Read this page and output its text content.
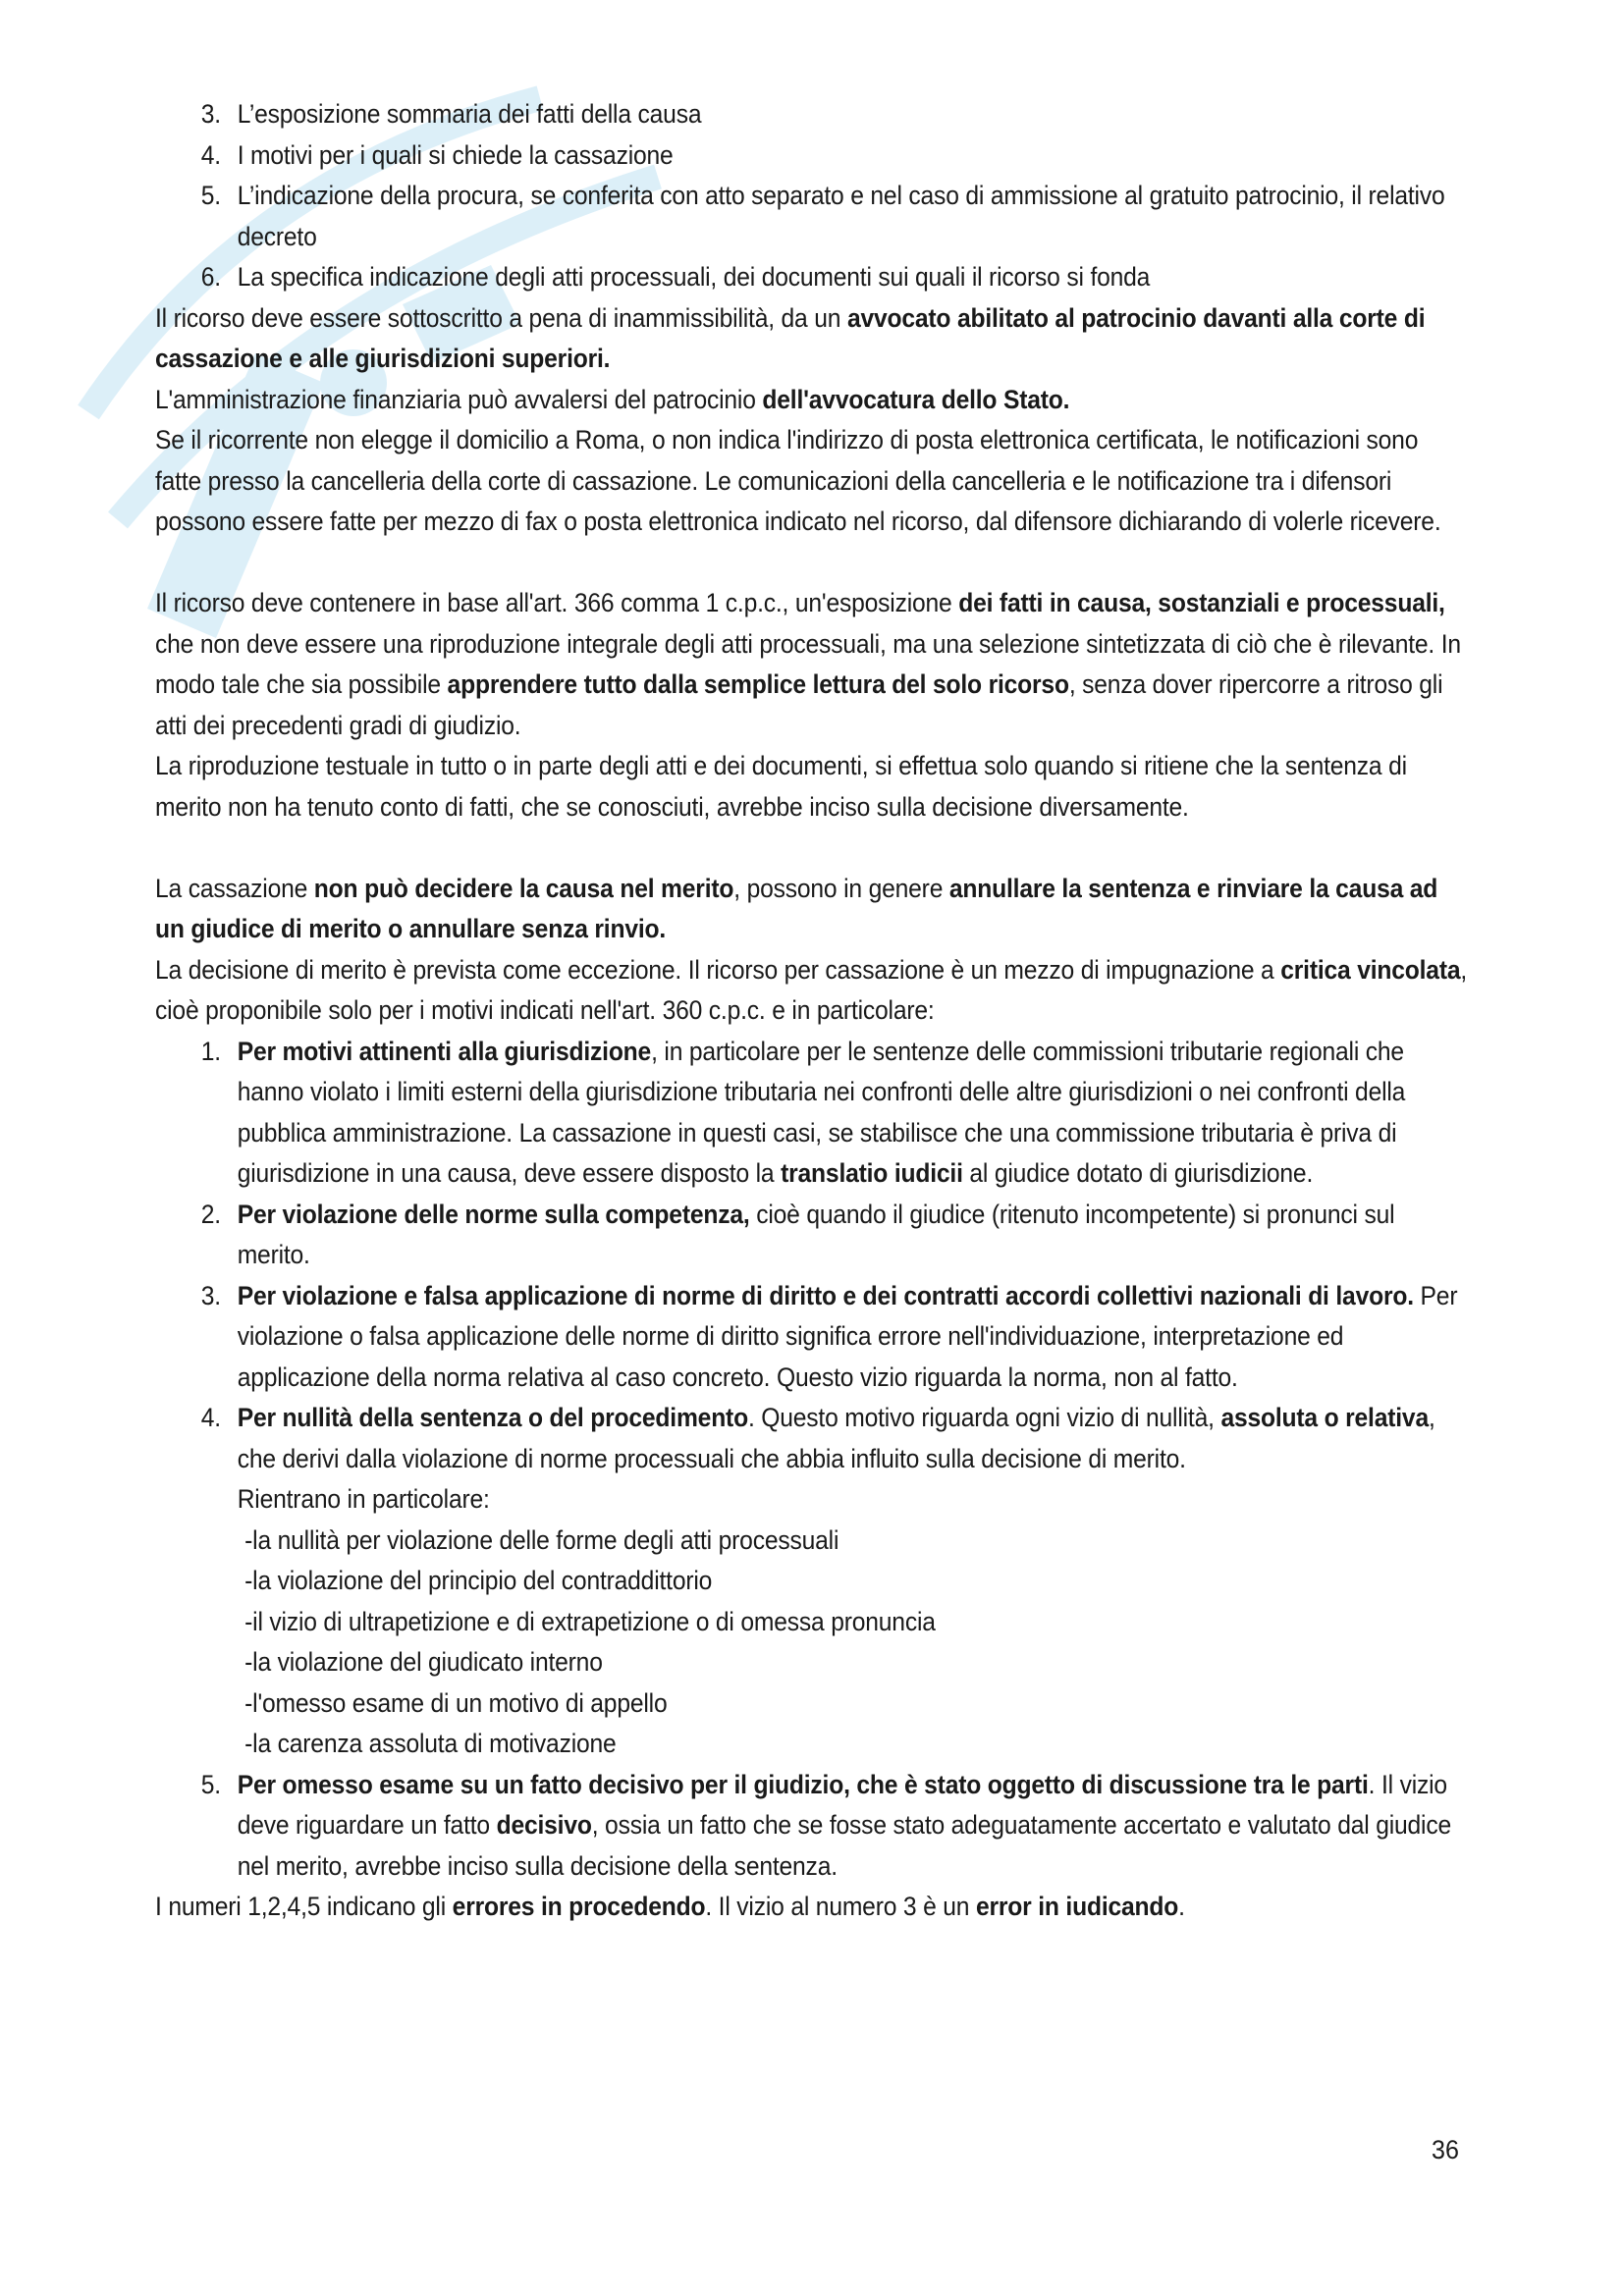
3. L’esposizione sommaria dei fatti della causa
4. I motivi per i quali si chiede la cassazione
5. L’indicazione della procura, se conferita con atto separato e nel caso di ammissione al gratuito patrocinio, il relativo decreto
6. La specifica indicazione degli atti processuali, dei documenti sui quali il ricorso si fonda

Il ricorso deve essere sottoscritto a pena di inammissibilità, da un avvocato abilitato al patrocinio davanti alla corte di cassazione e alle giurisdizioni superiori.

L'amministrazione finanziaria può avvalersi del patrocinio dell'avvocatura dello Stato.

Se il ricorrente non elegge il domicilio a Roma, o non indica l'indirizzo di posta elettronica certificata, le notificazioni sono fatte presso la cancelleria della corte di cassazione. Le comunicazioni della cancelleria e le notificazione tra i difensori possono essere fatte per mezzo di fax o posta elettronica indicato nel ricorso, dal difensore dichiarando di volerle ricevere.

Il ricorso deve contenere in base all'art. 366 comma 1 c.p.c., un'esposizione dei fatti in causa, sostanziali e processuali, che non deve essere una riproduzione integrale degli atti processuali, ma una selezione sintetizzata di ciò che è rilevante. In modo tale che sia possibile apprendere tutto dalla semplice lettura del solo ricorso, senza dover ripercorre a ritroso gli atti dei precedenti gradi di giudizio.

La riproduzione testuale in tutto o in parte degli atti e dei documenti, si effettua solo quando si ritiene che la sentenza di merito non ha tenuto conto di fatti, che se conosciuti, avrebbe inciso sulla decisione diversamente.

La cassazione non può decidere la causa nel merito, possono in genere annullare la sentenza e rinviare la causa ad un giudice di merito o annullare senza rinvio.

La decisione di merito è prevista come eccezione. Il ricorso per cassazione è un mezzo di impugnazione a critica vincolata, cioè proponibile solo per i motivi indicati nell'art. 360 c.p.c. e in particolare:

1. Per motivi attinenti alla giurisdizione, in particolare per le sentenze delle commissioni tributarie regionali che hanno violato i limiti esterni della giurisdizione tributaria nei confronti delle altre giurisdizioni o nei confronti della pubblica amministrazione. La cassazione in questi casi, se stabilisce che una commissione tributaria è priva di giurisdizione in una causa, deve essere disposto la translatio iudicii al giudice dotato di giurisdizione.
2. Per violazione delle norme sulla competenza, cioè quando il giudice (ritenuto incompetente) si pronunci sul merito.
3. Per violazione e falsa applicazione di norme di diritto e dei contratti accordi collettivi nazionali di lavoro. Per violazione o falsa applicazione delle norme di diritto significa errore nell'individuazione, interpretazione ed applicazione della norma relativa al caso concreto. Questo vizio riguarda la norma, non al fatto.
4. Per nullità della sentenza o del procedimento. Questo motivo riguarda ogni vizio di nullità, assoluta o relativa, che derivi dalla violazione di norme processuali che abbia influito sulla decisione di merito.
Rientrano in particolare:
-la nullità per violazione delle forme degli atti processuali
-la violazione del principio del contraddittorio
-il vizio di ultrapetizione e di extrapetizione o di omessa pronuncia
-la violazione del giudicato interno
-l'omesso esame di un motivo di appello
-la carenza assoluta di motivazione
5. Per omesso esame su un fatto decisivo per il giudizio, che è stato oggetto di discussione tra le parti. Il vizio deve riguardare un fatto decisivo, ossia un fatto che se fosse stato adeguatamente accertato e valutato dal giudice nel merito, avrebbe inciso sulla decisione della sentenza.

I numeri 1,2,4,5 indicano gli errores in procedendo. Il vizio al numero 3 è un error in iudicando.

36
